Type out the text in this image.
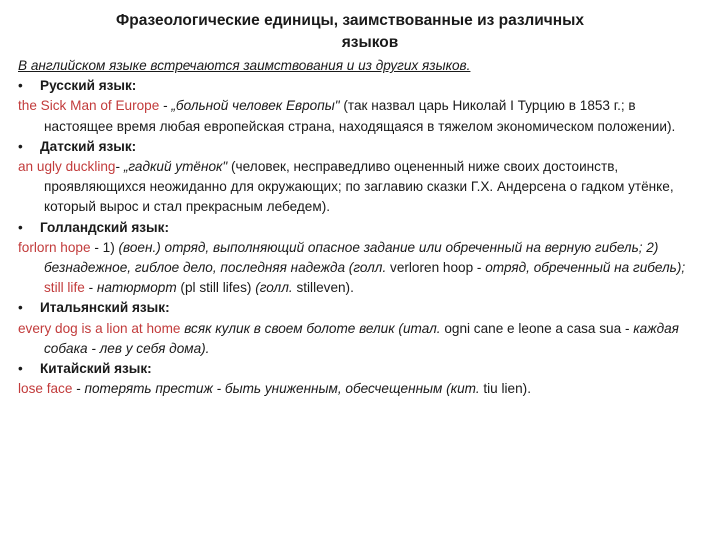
Фразеологические единицы, заимствованные из различных
языков

В английском языке встречаются заимствования и из других языков.

• Русский язык:

the Sick Man of Europe - „больной человек Европы" (так назвал царь Николай I Турцию в 1853 г.; в настоящее время любая европейская страна, находящаяся в тяжелом экономическом положении).

• Датский язык:

an ugly duckling- „гадкий утёнок" (человек, несправедливо оцененный ниже своих достоинств, проявляющихся неожиданно для окружающих; по заглавию сказки Г.Х. Андерсена о гадком утёнке, который вырос и стал прекрасным лебедем).

• Голландский язык:

forlorn hope - 1) (воен.) отряд, выполняющий опасное задание или обреченный на верную гибель; 2) безнадежное, гиблое дело, последняя надежда (голл. verloren hoop - отряд, обреченный на гибель); still life - натюрморт (pl still lifes) (голл. stilleven).

• Итальянский язык:

every dog is a lion at home всяк кулик в своем болоте велик (итал. ogni cane e leone a casa sua - каждая собака - лев у себя дома).

• Китайский язык:

lose face - потерять престиж - быть униженным, обесчещенным (кит. tiu lien).
